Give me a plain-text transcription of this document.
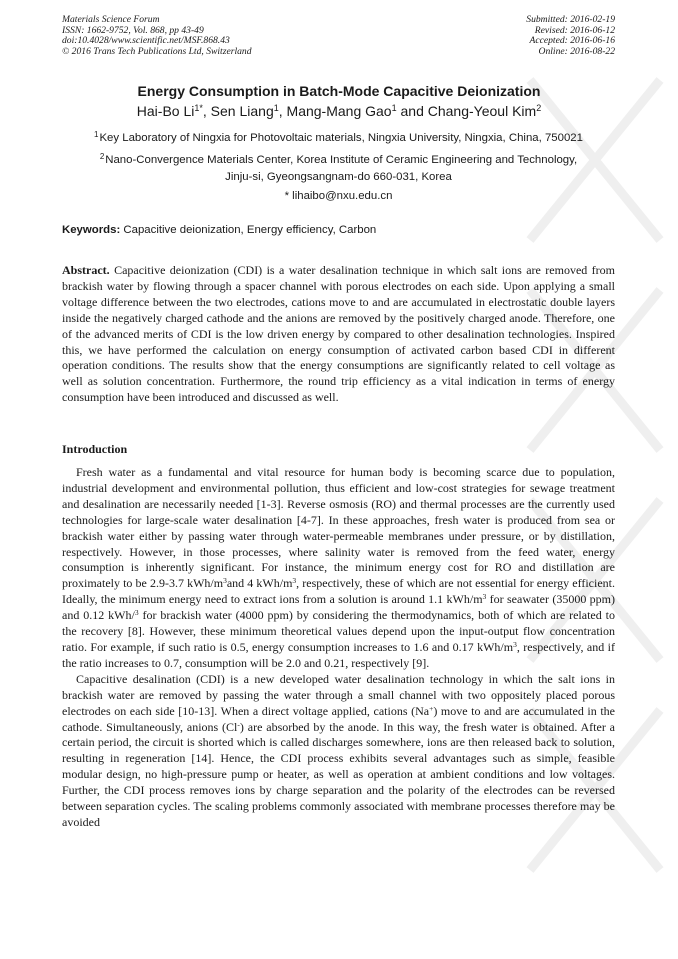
Materials Science Forum
ISSN: 1662-9752, Vol. 868, pp 43-49
doi:10.4028/www.scientific.net/MSF.868.43
© 2016 Trans Tech Publications Ltd, Switzerland
Submitted: 2016-02-19
Revised: 2016-06-12
Accepted: 2016-06-16
Online: 2016-08-22
Energy Consumption in Batch-Mode Capacitive Deionization
Hai-Bo $Li^{1*}$, Sen Liang$^1$, Mang-Mang Gao$^1$ and Chang-Yeoul Kim$^2$
$^1$ Key Laboratory of Ningxia for Photovoltaic materials, Ningxia University, Ningxia, China, 750021
$^2$ Nano-Convergence Materials Center, Korea Institute of Ceramic Engineering and Technology,
Jinju-si, Gyeongsangnam-do 660-031, Korea
* lihaibo@nxu.edu.cn
Keywords: Capacitive deionization, Energy efficiency, Carbon

Abstract. Capacitive deionization (CDI) is a water desalination technique in which salt ions are removed from brackish water by flowing through a spacer channel with porous electrodes on each side. Upon applying a small voltage difference between the two electrodes, cations move to and are accumulated in electrostatic double layers inside the negatively charged cathode and the anions are removed by the positively charged anode. Therefore, one of the advanced merits of CDI is the low driven energy by compared to other desalination technologies. Inspired this, we have performed the calculation on energy consumption of activated carbon based CDI in different operation conditions. The results show that the energy consumptions are significantly related to cell voltage as well as solution concentration. Furthermore, the round trip efficiency as a vital indication in terms of energy consumption have been introduced and discussed as well.

Introduction

Fresh water as a fundamental and vital resource for human body is becoming scarce due to population, industrial development and environmental pollution, thus efficient and low-cost strategies for sewage treatment and desalination are necessarily needed [1-3]. Reverse osmosis (RO) and thermal processes are the currently used technologies for large-scale water desalination [4-7]. In these approaches, fresh water is produced from sea or brackish water either by passing water through water-permeable membranes under pressure, or by distillation, respectively. However, in those processes, where salinity water is removed from the feed water, energy consumption is inherently significant. For instance, the minimum energy cost for RO and distillation are proximately to be 2.9-3.7 kWh/$m^3and$ 4 kWh/$m^3$, respectively, these of which are not essential for energy efficient. Ideally, the minimum energy need to extract ions from a solution is around 1.1 kWh/$m^3$ for seawater (35000 ppm) and 0.12 kWh/$^3$ for brackish water (4000 ppm) by considering the thermodynamics, both of which are related to the recovery [8]. However, these minimum theoretical values depend upon the input-output flow concentration ratio. For example, if such ratio is 0.5, energy consumption increases to 1.6 and 0.17 kWh/$m^3$, respectively, and if the ratio increases to 0.7, consumption will be 2.0 and 0.21, respectively [9].

Capacitive desalination (CDI) is a new developed water desalination technology in which the salt ions in brackish water are removed by passing the water through a small channel with two oppositely placed porous electrodes on each side [10-13]. When a direct voltage applied, cations (Na+) move to and are accumulated in the cathode. Simultaneously, anions (Cl-) are absorbed by the anode. In this way, the fresh water is obtained. After a certain period, the circuit is shorted which is called discharges somewhere, ions are then released back to solution, resulting in regeneration [14]. Hence, the CDI process exhibits several advantages such as simple, feasible modular design, no high-pressure pump or heater, as well as operation at ambient conditions and low voltages. Further, the CDI process removes ions by charge separation and the polarity of the electrodes can be reversed between separation cycles. The scaling problems commonly associated with membrane processes therefore may be avoided
